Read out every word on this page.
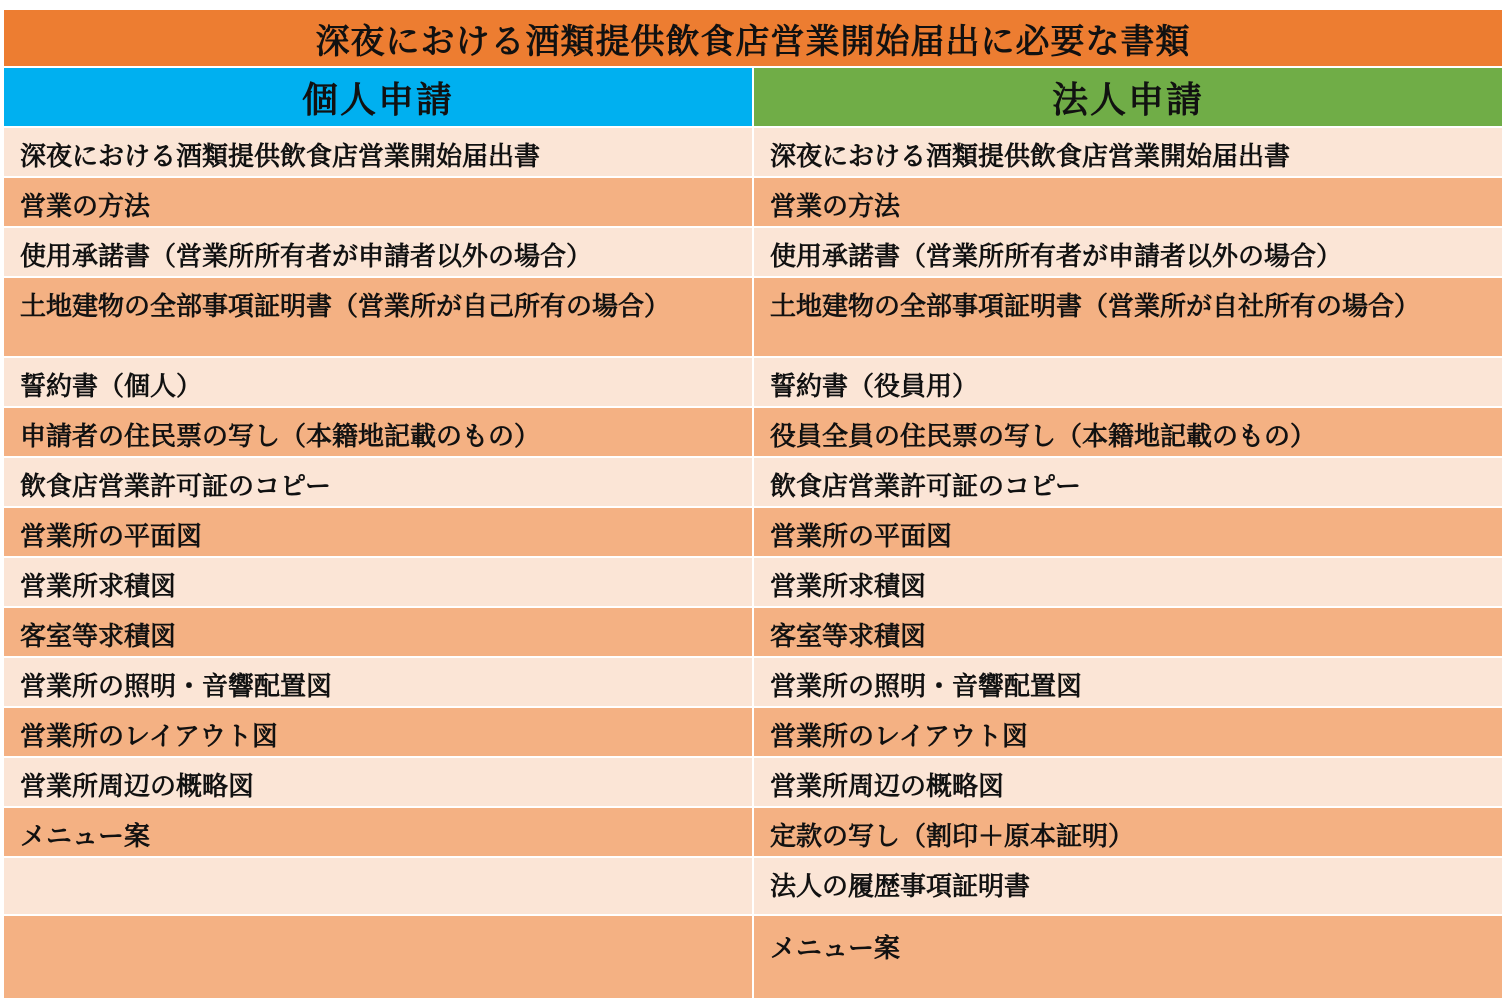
深夜における酒類提供飲食店営業開始届出に必要な書類	
個人申請	法人申請
深夜における酒類提供飲食店営業開始届出書	深夜における酒類提供飲食店営業開始届出書
営業の方法	営業の方法
使用承諾書（営業所所有者が申請者以外の場合）	使用承諾書（営業所所有者が申請者以外の場合）
土地建物の全部事項証明書（営業所が自己所有の場合）	土地建物の全部事項証明書（営業所が自社所有の場合）
誓約書（個人）	誓約書（役員用）
申請者の住民票の写し（本籍地記載のもの）	役員全員の住民票の写し（本籍地記載のもの）
飲食店営業許可証のコピー	飲食店営業許可証のコピー
営業所の平面図	営業所の平面図
営業所求積図	営業所求積図
客室等求積図	客室等求積図
営業所の照明・音響配置図	営業所の照明・音響配置図
営業所のレイアウト図	営業所のレイアウト図
営業所周辺の概略図	営業所周辺の概略図
メニュー案	定款の写し（割印＋原本証明）
	法人の履歴事項証明書
	メニュー案
